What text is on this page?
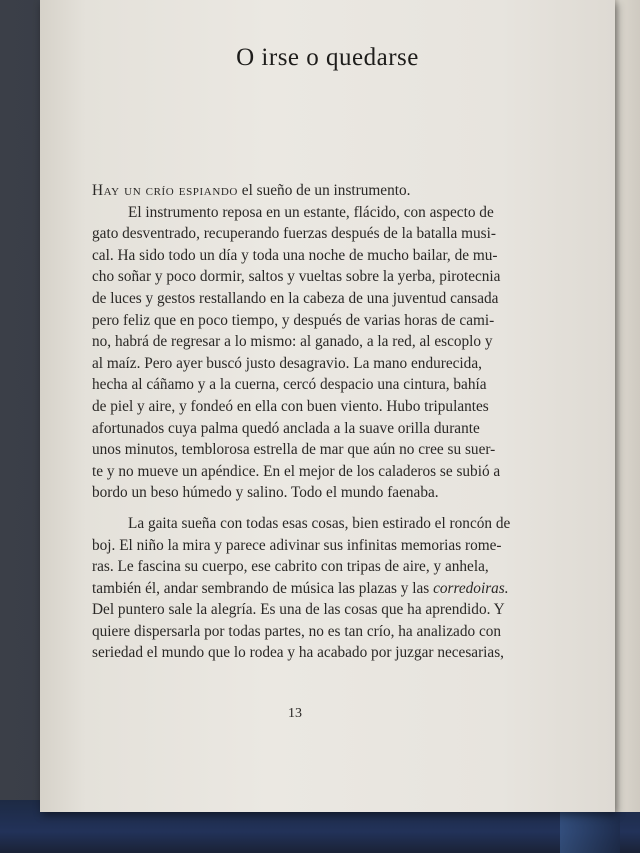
O irse o quedarse
Hay un crío espiando el sueño de un instrumento.
El instrumento reposa en un estante, flácido, con aspecto de
gato desventrado, recuperando fuerzas después de la batalla musi-
cal. Ha sido todo un día y toda una noche de mucho bailar, de mu-
cho soñar y poco dormir, saltos y vueltas sobre la yerba, pirotecnia
de luces y gestos restallando en la cabeza de una juventud cansada
pero feliz que en poco tiempo, y después de varias horas de cami-
no, habrá de regresar a lo mismo: al ganado, a la red, al escoplo y
al maíz. Pero ayer buscó justo desagravio. La mano endurecida,
hecha al cáñamo y a la cuerna, cercó despacio una cintura, bahía
de piel y aire, y fondeó en ella con buen viento. Hubo tripulantes
afortunados cuya palma quedó anclada a la suave orilla durante
unos minutos, temblorosa estrella de mar que aún no cree su suer-
te y no mueve un apéndice. En el mejor de los caladeros se subió a
bordo un beso húmedo y salino. Todo el mundo faenaba.
La gaita sueña con todas esas cosas, bien estirado el roncón de
boj. El niño la mira y parece adivinar sus infinitas memorias rome-
ras. Le fascina su cuerpo, ese cabrito con tripas de aire, y anhela,
también él, andar sembrando de música las plazas y las corredoiras.
Del puntero sale la alegría. Es una de las cosas que ha aprendido. Y
quiere dispersarla por todas partes, no es tan crío, ha analizado con
seriedad el mundo que lo rodea y ha acabado por juzgar necesarias,
13
